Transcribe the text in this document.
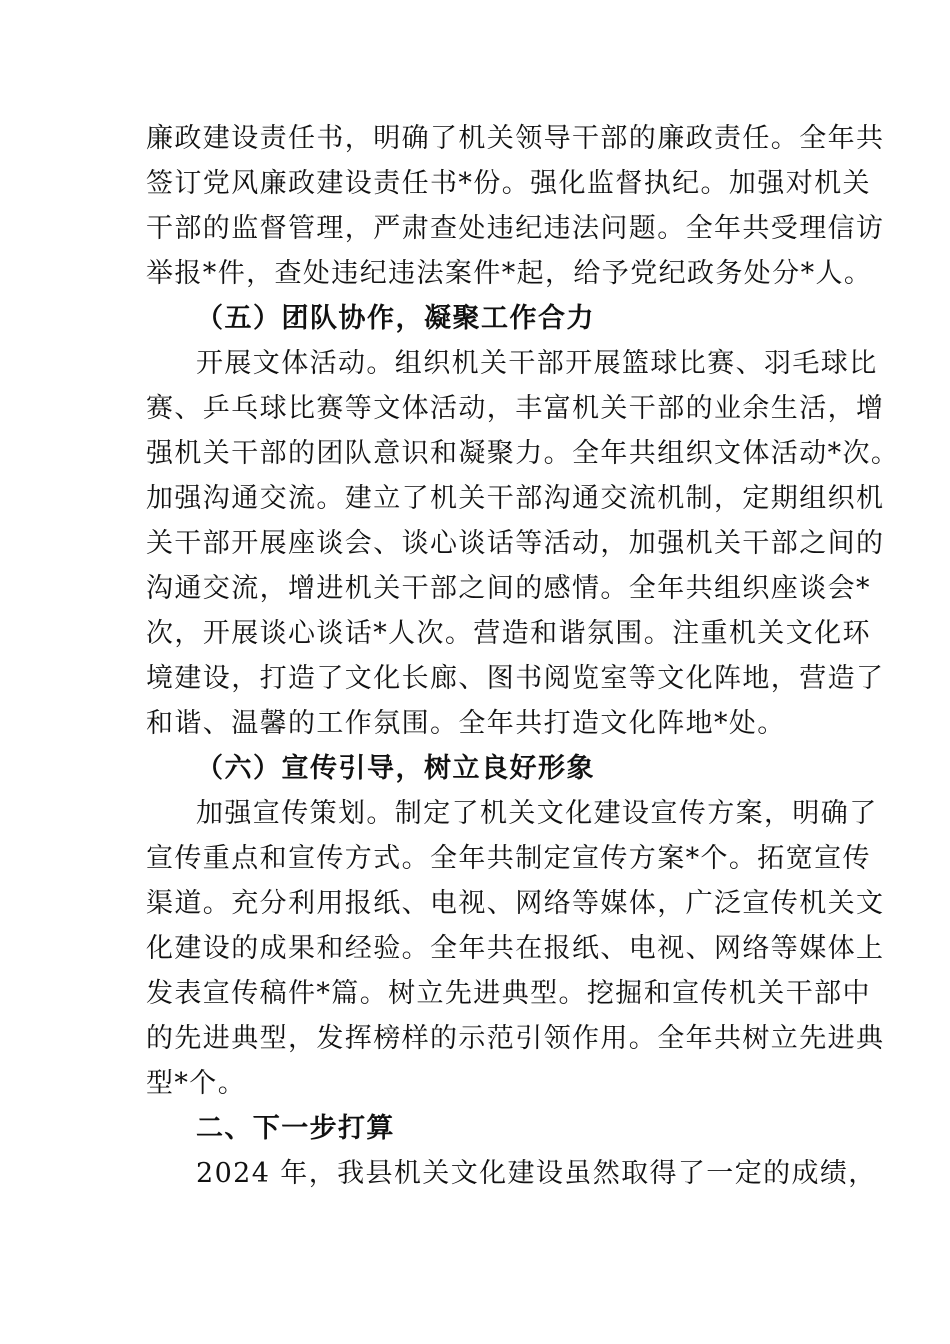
廉政建设责任书，明确了机关领导干部的廉政责任。全年共
签订党风廉政建设责任书*份。强化监督执纪。加强对机关
干部的监督管理，严肃查处违纪违法问题。全年共受理信访
举报*件，查处违纪违法案件*起，给予党纪政务处分*人。
（五）团队协作，凝聚工作合力
开展文体活动。组织机关干部开展篮球比赛、羽毛球比
赛、乒乓球比赛等文体活动，丰富机关干部的业余生活，增
强机关干部的团队意识和凝聚力。全年共组织文体活动*次。
加强沟通交流。建立了机关干部沟通交流机制，定期组织机
关干部开展座谈会、谈心谈话等活动，加强机关干部之间的
沟通交流，增进机关干部之间的感情。全年共组织座谈会*
次，开展谈心谈话*人次。营造和谐氛围。注重机关文化环
境建设，打造了文化长廊、图书阅览室等文化阵地，营造了
和谐、温馨的工作氛围。全年共打造文化阵地*处。
（六）宣传引导，树立良好形象
加强宣传策划。制定了机关文化建设宣传方案，明确了
宣传重点和宣传方式。全年共制定宣传方案*个。拓宽宣传
渠道。充分利用报纸、电视、网络等媒体，广泛宣传机关文
化建设的成果和经验。全年共在报纸、电视、网络等媒体上
发表宣传稿件*篇。树立先进典型。挖掘和宣传机关干部中
的先进典型，发挥榜样的示范引领作用。全年共树立先进典
型*个。
二、下一步打算
2024 年，我县机关文化建设虽然取得了一定的成绩，
